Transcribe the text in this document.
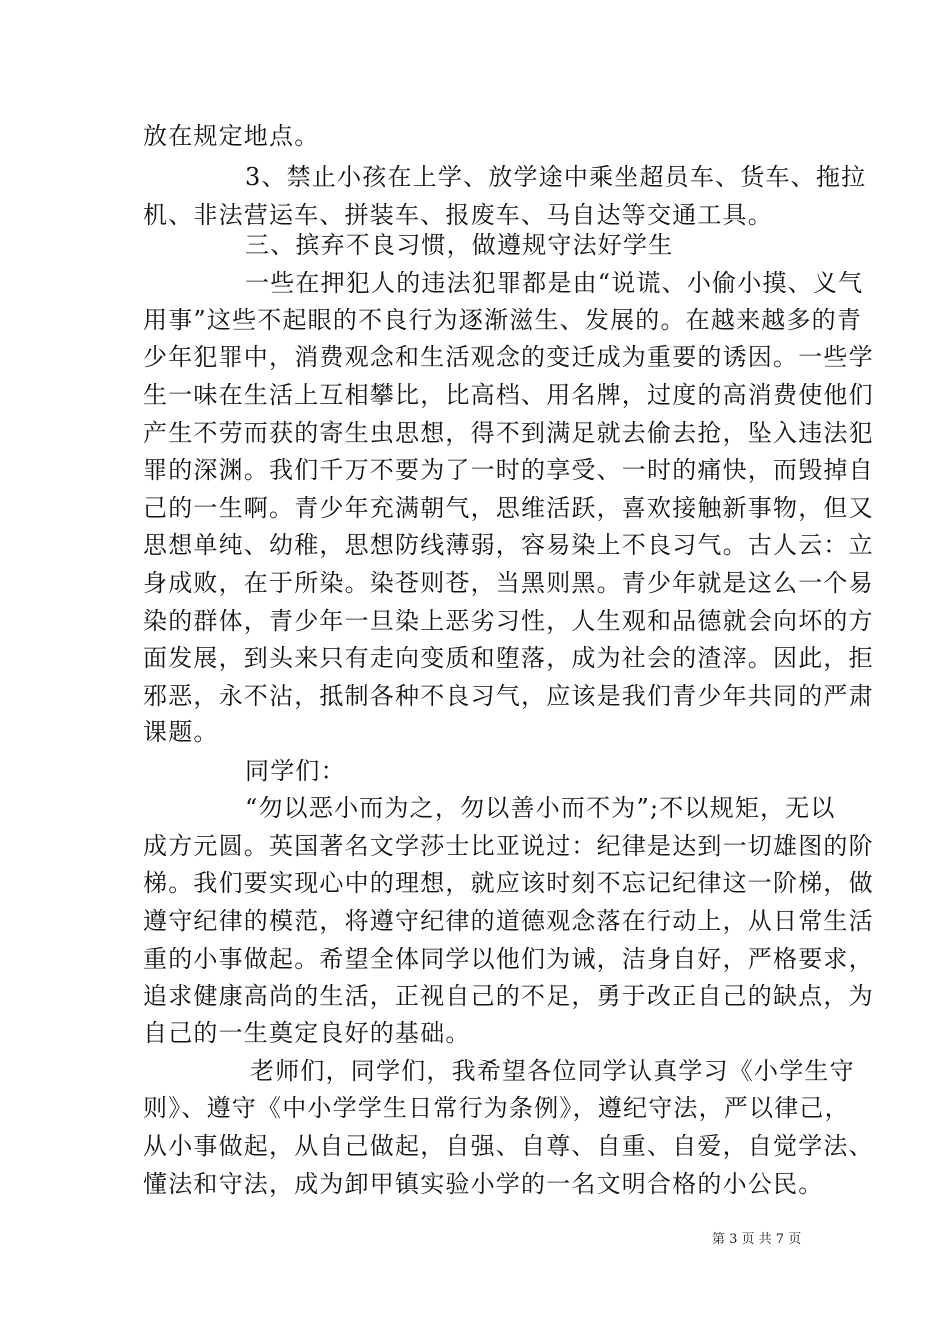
放在规定地点。
3、禁止小孩在上学、放学途中乘坐超员车、货车、拖拉
机、非法营运车、拼装车、报废车、马自达等交通工具。
三、摈弃不良习惯，做遵规守法好学生
一些在押犯人的违法犯罪都是由“说谎、小偷小摸、义气
用事”这些不起眼的不良行为逐渐滋生、发展的。在越来越多的青
少年犯罪中，消费观念和生活观念的变迁成为重要的诱因。一些学
生一味在生活上互相攀比，比高档、用名牌，过度的高消费使他们
产生不劳而获的寄生虫思想，得不到满足就去偷去抢，坠入违法犯
罪的深渊。我们千万不要为了一时的享受、一时的痛快，而毁掉自
己的一生啊。青少年充满朝气，思维活跃，喜欢接触新事物，但又
思想单纯、幼稚，思想防线薄弱，容易染上不良习气。古人云：立
身成败，在于所染。染苍则苍，当黑则黑。青少年就是这么一个易
染的群体，青少年一旦染上恶劣习性，人生观和品德就会向坏的方
面发展，到头来只有走向变质和堕落，成为社会的渣滓。因此，拒
邪恶，永不沾，抵制各种不良习气，应该是我们青少年共同的严肃
课题。
同学们：
“勿以恶小而为之，勿以善小而不为”;不以规矩，无以
成方元圆。英国著名文学莎士比亚说过：纪律是达到一切雄图的阶
梯。我们要实现心中的理想，就应该时刻不忘记纪律这一阶梯，做
遵守纪律的模范，将遵守纪律的道德观念落在行动上，从日常生活
重的小事做起。希望全体同学以他们为诫，洁身自好，严格要求，
追求健康高尚的生活，正视自己的不足，勇于改正自己的缺点，为
自己的一生奠定良好的基础。
老师们，同学们，我希望各位同学认真学习《小学生守
则》、遵守《中小学学生日常行为条例》，遵纪守法，严以律己，
从小事做起，从自己做起，自强、自尊、自重、自爱，自觉学法、
懂法和守法，成为卸甲镇实验小学的一名文明合格的小公民。
第 3 页 共 7 页
